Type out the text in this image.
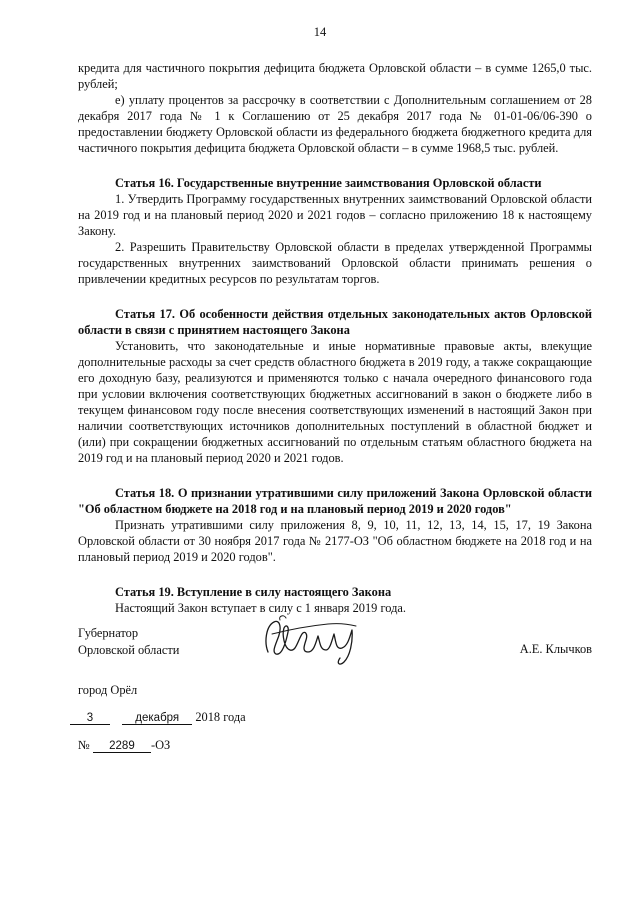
14

кредита для частичного покрытия дефицита бюджета Орловской области – в сумме 1265,0 тыс. рублей;

е) уплату процентов за рассрочку в соответствии с Дополнительным соглашением от 28 декабря 2017 года № 1 к Соглашению от 25 декабря 2017 года № 01-01-06/06-390 о предоставлении бюджету Орловской области из федерального бюджета бюджетного кредита для частичного покрытия дефицита бюджета Орловской области – в сумме 1968,5 тыс. рублей.

Статья 16. Государственные внутренние заимствования Орловской области

1. Утвердить Программу государственных внутренних заимствований Орловской области на 2019 год и на плановый период 2020 и 2021 годов – согласно приложению 18 к настоящему Закону.

2. Разрешить Правительству Орловской области в пределах утвержденной Программы государственных внутренних заимствований Орловской области принимать решения о привлечении кредитных ресурсов по результатам торгов.

Статья 17. Об особенности действия отдельных законодательных актов Орловской области в связи с принятием настоящего Закона

Установить, что законодательные и иные нормативные правовые акты, влекущие дополнительные расходы за счет средств областного бюджета в 2019 году, а также сокращающие его доходную базу, реализуются и применяются только с начала очередного финансового года при условии включения соответствующих бюджетных ассигнований в закон о бюджете либо в текущем финансовом году после внесения соответствующих изменений в настоящий Закон при наличии соответствующих источников дополнительных поступлений в областной бюджет и (или) при сокращении бюджетных ассигнований по отдельным статьям областного бюджета на 2019 год и на плановый период 2020 и 2021 годов.

Статья 18. О признании утратившими силу приложений Закона Орловской области "Об областном бюджете на 2018 год и на плановый период 2019 и 2020 годов"

Признать утратившими силу приложения 8, 9, 10, 11, 12, 13, 14, 15, 17, 19 Закона Орловской области от 30 ноября 2017 года № 2177-ОЗ "Об областном бюджете на 2018 год и на плановый период 2019 и 2020 годов".

Статья 19. Вступление в силу настоящего Закона

Настоящий Закон вступает в силу с 1 января 2019 года.

Губернатор
Орловской области	А.Е. Клычков
город Орёл
3	декабря 2018 года
№ 2289 -ОЗ
